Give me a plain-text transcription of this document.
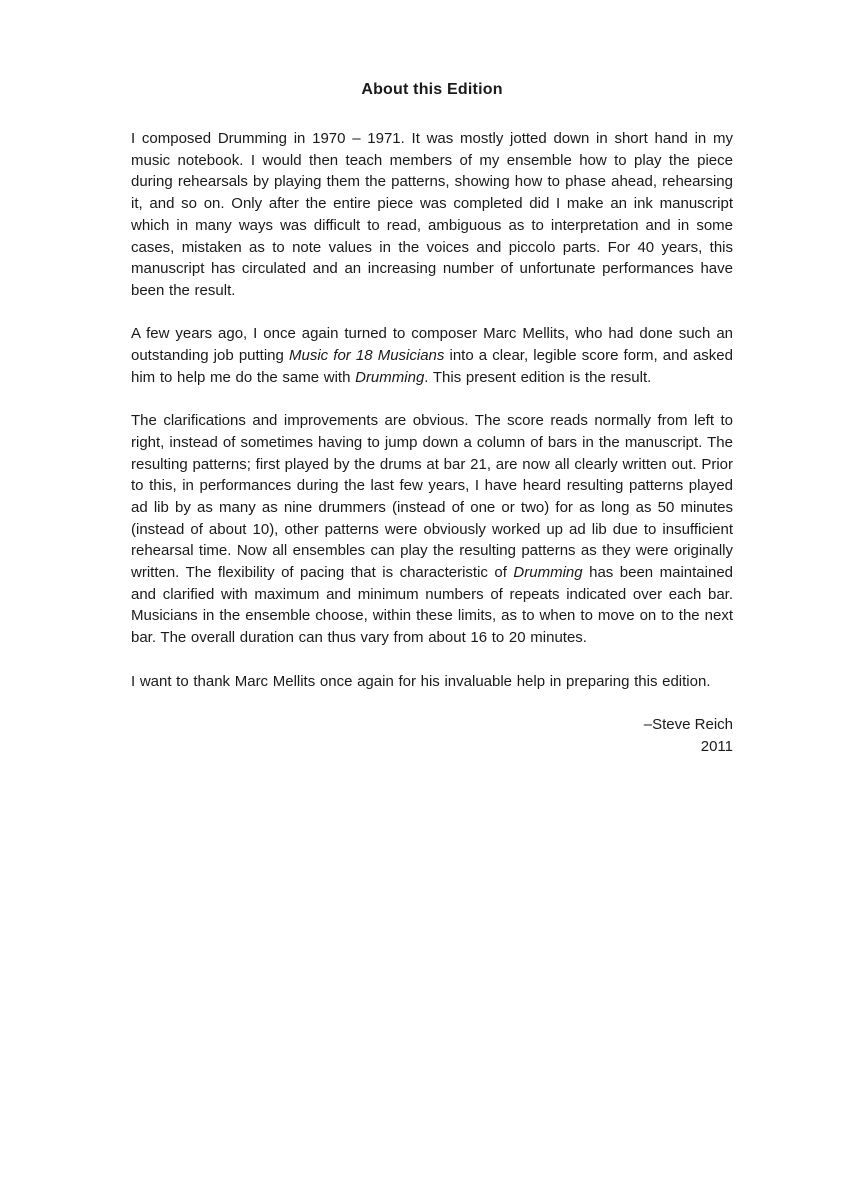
About this Edition

I composed Drumming in 1970 – 1971. It was mostly jotted down in short hand in my music notebook. I would then teach members of my ensemble how to play the piece during rehearsals by playing them the patterns, showing how to phase ahead, rehearsing it, and so on. Only after the entire piece was completed did I make an ink manuscript which in many ways was difficult to read, ambiguous as to interpretation and in some cases, mistaken as to note values in the voices and piccolo parts. For 40 years, this manuscript has circulated and an increasing number of unfortunate performances have been the result.

A few years ago, I once again turned to composer Marc Mellits, who had done such an outstanding job putting Music for 18 Musicians into a clear, legible score form, and asked him to help me do the same with Drumming. This present edition is the result.

The clarifications and improvements are obvious. The score reads normally from left to right, instead of sometimes having to jump down a column of bars in the manuscript. The resulting patterns; first played by the drums at bar 21, are now all clearly written out. Prior to this, in performances during the last few years, I have heard resulting patterns played ad lib by as many as nine drummers (instead of one or two) for as long as 50 minutes (instead of about 10), other patterns were obviously worked up ad lib due to insufficient rehearsal time. Now all ensembles can play the resulting patterns as they were originally written. The flexibility of pacing that is characteristic of Drumming has been maintained and clarified with maximum and minimum numbers of repeats indicated over each bar. Musicians in the ensemble choose, within these limits, as to when to move on to the next bar. The overall duration can thus vary from about 16 to 20 minutes.

I want to thank Marc Mellits once again for his invaluable help in preparing this edition.

–Steve Reich
2011
